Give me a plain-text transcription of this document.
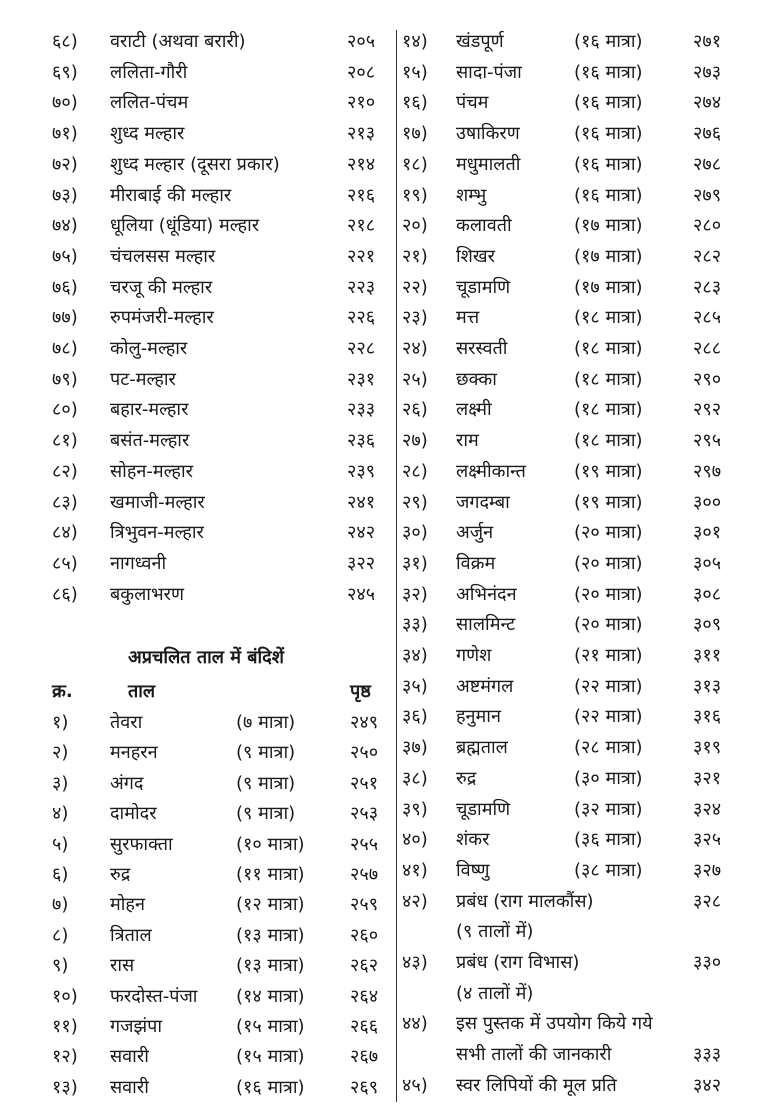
६८) वराटी (अथवा बरारी)	२०५
६९) ललिता-गौरी	२०८
७०) ललित-पंचम	२१०
७१) शुध्द मल्हार	२१३
७२) शुध्द मल्हार (दूसरा प्रकार)	२१४
७३) मीराबाई की मल्हार	२१६
७४) धूलिया (धूंडिया) मल्हार	२१८
७५) चंचलसस मल्हार	२२१
७६) चरजू की मल्हार	२२३
७७) रुपमंजरी-मल्हार	२२६
७८) कोलु-मल्हार	२२८
७९) पट-मल्हार	२३१
८०) बहार-मल्हार	२३३
८१) बसंत-मल्हार	२३६
८२) सोहन-मल्हार	२३९
८३) खमाजी-मल्हार	२४१
८४) त्रिभुवन-मल्हार	२४२
८५) नागध्वनी	३२२
८६) बकुलाभरण	२४५
अप्रचलित ताल में बंदिशें
क्र.	ताल	पृष्ठ
१) तेवरा	(७ मात्रा)	२४९
२) मनहरन	(९ मात्रा)	२५०
३) अंगद	(९ मात्रा)	२५१
४) दामोदर	(९ मात्रा)	२५३
५) सुरफाक्ता	(१० मात्रा)	२५५
६) रुद्र	(११ मात्रा)	२५७
७) मोहन	(१२ मात्रा)	२५९
८) त्रिताल	(१३ मात्रा)	२६०
९) रास	(१३ मात्रा)	२६२
१०) फरदोस्त-पंजा (१४ मात्रा)	२६४
११) गजझंपा	(१५ मात्रा)	२६६
१२) सवारी	(१५ मात्रा)	२६७
१३) सवारी	(१६ मात्रा)	२६९
१४) खंडपूर्ण	(१६ मात्रा)	२७१
१५) सादा-पंजा	(१६ मात्रा)	२७३
१६) पंचम	(१६ मात्रा)	२७४
१७) उषाकिरण	(१६ मात्रा)	२७६
१८) मधुमालती	(१६ मात्रा)	२७८
१९) शम्भु	(१६ मात्रा)	२७९
२०) कलावती	(१७ मात्रा)	२८०
२१) शिखर	(१७ मात्रा)	२८२
२२) चूडामणि	(१७ मात्रा)	२८३
२३) मत्त	(१८ मात्रा)	२८५
२४) सरस्वती	(१८ मात्रा)	२८८
२५) छक्का	(१८ मात्रा)	२९०
२६) लक्ष्मी	(१८ मात्रा)	२९२
२७) राम	(१८ मात्रा)	२९५
२८) लक्ष्मीकान्त	(१९ मात्रा)	२९७
२९) जगदम्बा	(१९ मात्रा)	३००
३०) अर्जुन	(२० मात्रा)	३०१
३१) विक्रम	(२० मात्रा)	३०५
३२) अभिनंदन	(२० मात्रा)	३०८
३३) सालमिन्ट	(२० मात्रा)	३०९
३४) गणेश	(२१ मात्रा)	३११
३५) अष्टमंगल	(२२ मात्रा)	३१३
३६) हनुमान	(२२ मात्रा)	३१६
३७) ब्रह्मताल	(२८ मात्रा)	३१९
३८) रुद्र	(३० मात्रा)	३२१
३९) चूडामणि	(३२ मात्रा)	३२४
४०) शंकर	(३६ मात्रा)	३२५
४१) विष्णु	(३८ मात्रा)	३२७
४२) प्रबंध (राग मालकौंस)	३२८
(९ तालों में)
४३) प्रबंध (राग विभास)	३३०
(४ तालों में)
४४) इस पुस्तक में उपयोग किये गये
सभी तालों की जानकारी	३३३
४५) स्वर लिपियों की मूल प्रति	३४२
